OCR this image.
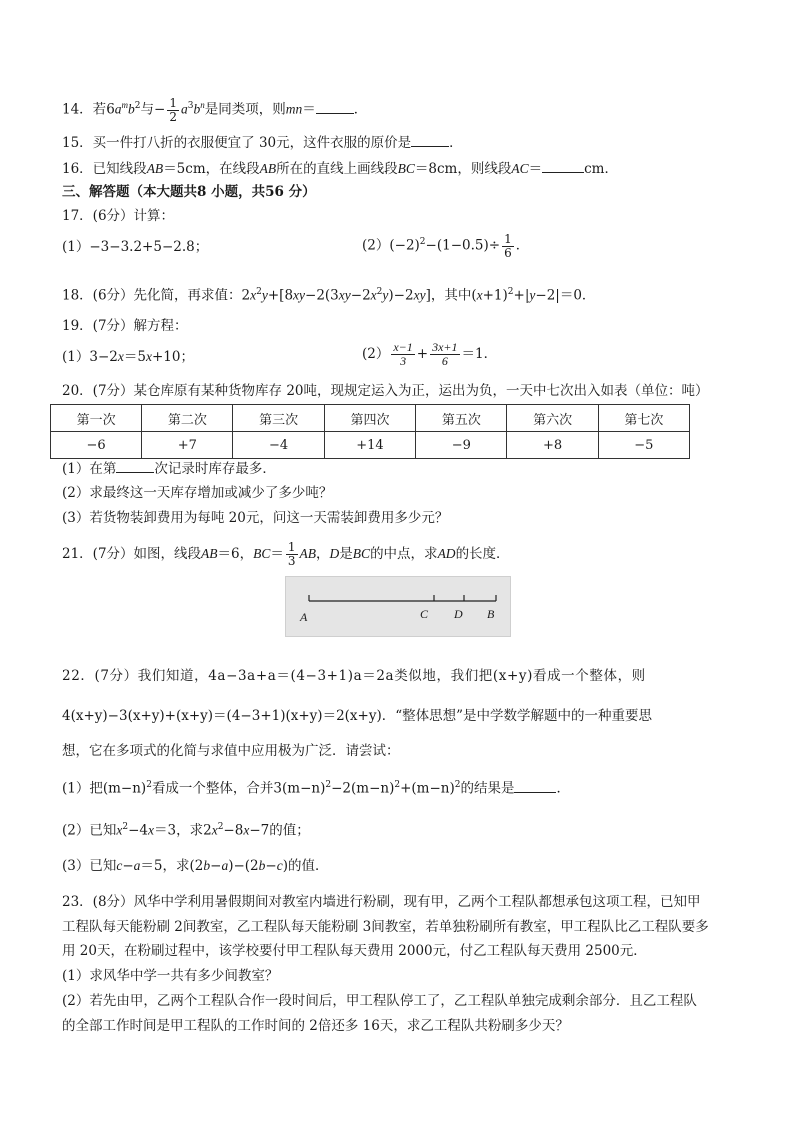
14．若$6a^mb^2$与− $\frac{1}{2} a^3b^n$是同类项，则mn＝	．
15．买一件打八折的衣服便宜了 30元，这件衣服的原价是	．
16．已知线段AB＝5cm，在线段AB所在的直线上画线段BC＝8cm，则线段AC＝	cm．
三、解答题（本大题共8 小题，共56 分）
17．(6分）计算：
(1）−3−3.2+5−2.8；	$(2)(-2)^2-(1-0.5)\div \frac{1}{6}$ ．
18．(6分）先化简，再求值：$2x^2y+[8xy-2(3xy-2x^2y)-2xy]$，其中$(x+1)^2+|y-2|=0$．
19．(7分）解方程：
(1）3−2x＝5x+10；	$(2) \frac{x-1}{3} + \frac{3x+1}{6} =1$．
20．(7分）某仓库原有某种货物库存 20吨，现规定运入为正，运出为负，一天中七次出入如表（单位：吨）
第一次	第二次	第三次	第四次	第五次	第六次	第七次
−6	+7	−4	+14	−9	+8	−5
(1）在第	次记录时库存最多．
(2）求最终这一天库存增加或减少了多少吨？
(3）若货物装卸费用为每吨 20元，问这一天需装卸费用多少元？
21．(7分）如图，线段AB＝6，$BC= \frac{1}{3}$ AB，D是BC的中点，求AD的长度．
A	C D B
22．(7分）我们知道，4a−3a+a＝(4−3+1)a＝2a类似地，我们把(x+y)看成一个整体，则
4(x+y)−3(x+y)+(x+y)＝(4−3+1)(x+y)＝2(x+y)．“整体思想”是中学数学解题中的一种重要思
想，它在多项式的化简与求值中应用极为广泛．请尝试：
(1）把$(m-n)^2$看成一个整体，合并$3(m-n)^2-2(m-n)^2+(m-n)^2$的结果是	．
(2）已知$x^2-4x=3$，求$2x^2-8x-7$的值；
(3）已知c−a＝5，求(2b−a)−(2b−c)的值．
23．(8分）风华中学利用暑假期间对教室内墙进行粉刷，现有甲，乙两个工程队都想承包这项工程，已知甲
工程队每天能粉刷 2间教室，乙工程队每天能粉刷 3间教室，若单独粉刷所有教室，甲工程队比乙工程队要多
用 20天，在粉刷过程中，该学校要付甲工程队每天费用 2000元，付乙工程队每天费用 2500元．
(1）求风华中学一共有多少间教室？
(2）若先由甲，乙两个工程队合作一段时间后，甲工程队停工了，乙工程队单独完成剩余部分．且乙工程队
的全部工作时间是甲工程队的工作时间的 2倍还多 16天，求乙工程队共粉刷多少天？
